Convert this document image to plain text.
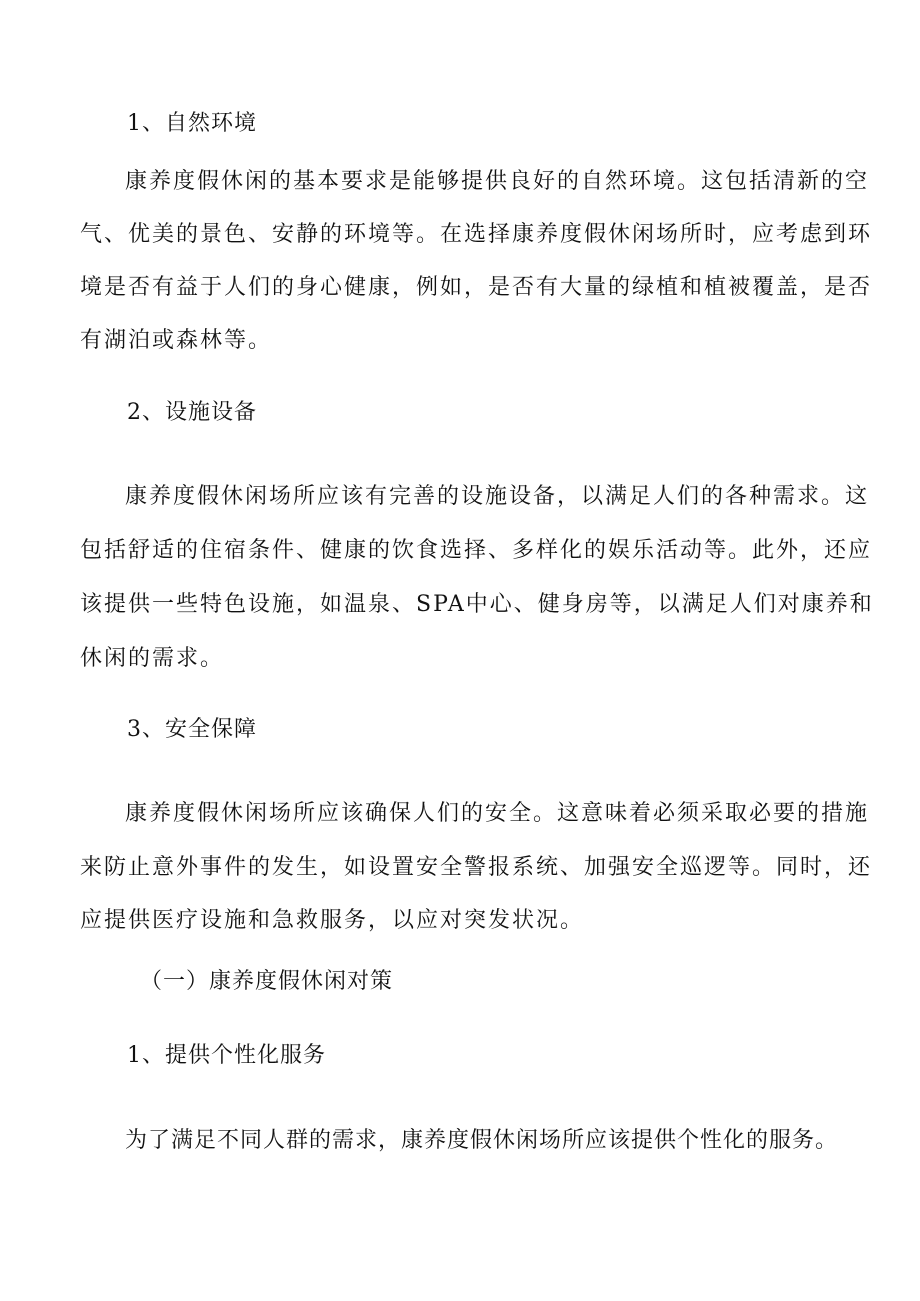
1、自然环境
康养度假休闲的基本要求是能够提供良好的自然环境。这包括清新的空
气、优美的景色、安静的环境等。在选择康养度假休闲场所时，应考虑到环
境是否有益于人们的身心健康，例如，是否有大量的绿植和植被覆盖，是否
有湖泊或森林等。
2、设施设备
康养度假休闲场所应该有完善的设施设备，以满足人们的各种需求。这
包括舒适的住宿条件、健康的饮食选择、多样化的娱乐活动等。此外，还应
该提供一些特色设施，如温泉、SPA中心、健身房等，以满足人们对康养和
休闲的需求。
3、安全保障
康养度假休闲场所应该确保人们的安全。这意味着必须采取必要的措施
来防止意外事件的发生，如设置安全警报系统、加强安全巡逻等。同时，还
应提供医疗设施和急救服务，以应对突发状况。
（一）康养度假休闲对策
1、提供个性化服务
为了满足不同人群的需求，康养度假休闲场所应该提供个性化的服务。
